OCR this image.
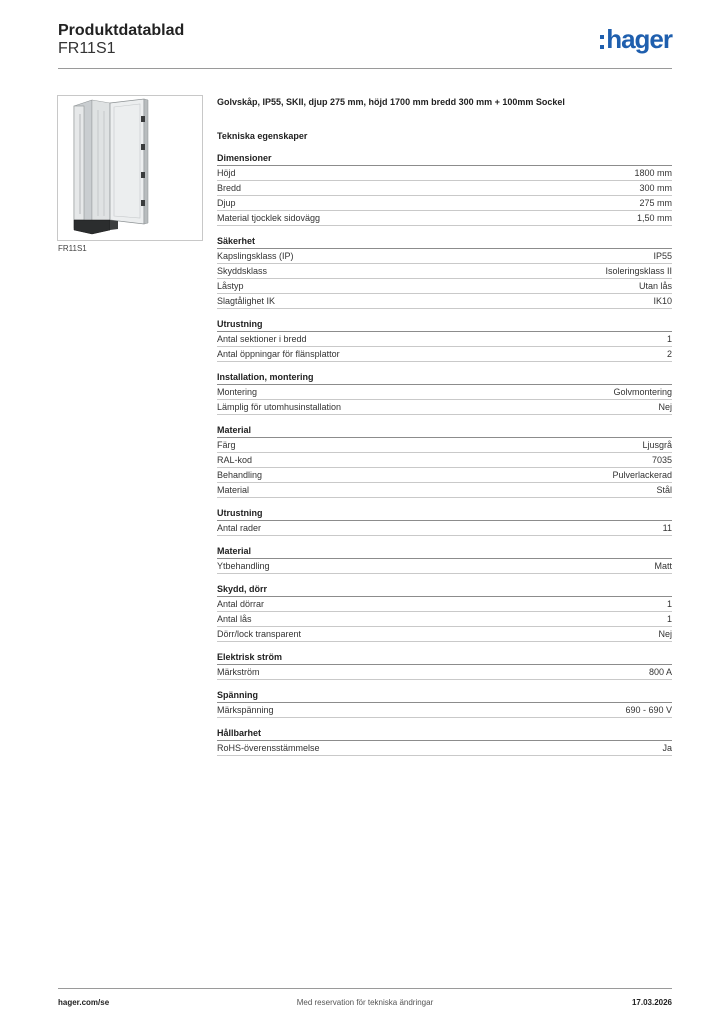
Produktdatablad
FR11S1	hager
FR11S1
Golvskåp, IP55, SKII, djup 275 mm, höjd 1700 mm bredd 300 mm + 100mm Sockel
Tekniska egenskaper
Dimensioner
Höjd	1800 mm
Bredd	300 mm
Djup	275 mm
Material tjocklek sidovägg	1,50 mm
Säkerhet
Kapslingsklass (IP)	IP55
Skyddsklass	Isoleringsklass II
Låstyp	Utan lås
Slagtålighet IK	IK10
Utrustning
Antal sektioner i bredd	1
Antal öppningar för flänsplattor	2
Installation, montering
Montering	Golvmontering
Lämplig för utomhusinstallation	Nej
Material
Färg	Ljusgrå
RAL-kod	7035
Behandling	Pulverlackerad
Material	Stål
Utrustning
Antal rader	11
Material
Ytbehandling	Matt
Skydd, dörr
Antal dörrar	1
Antal lås	1
Dörr/lock transparent	Nej
Elektrisk ström
Märkström	800 A
Spänning
Märkspänning	690 - 690 V
Hållbarhet
RoHS-överensstämmelse	Ja
Med reservation för tekniska ändringar
hager.com/se	17.03.2026
